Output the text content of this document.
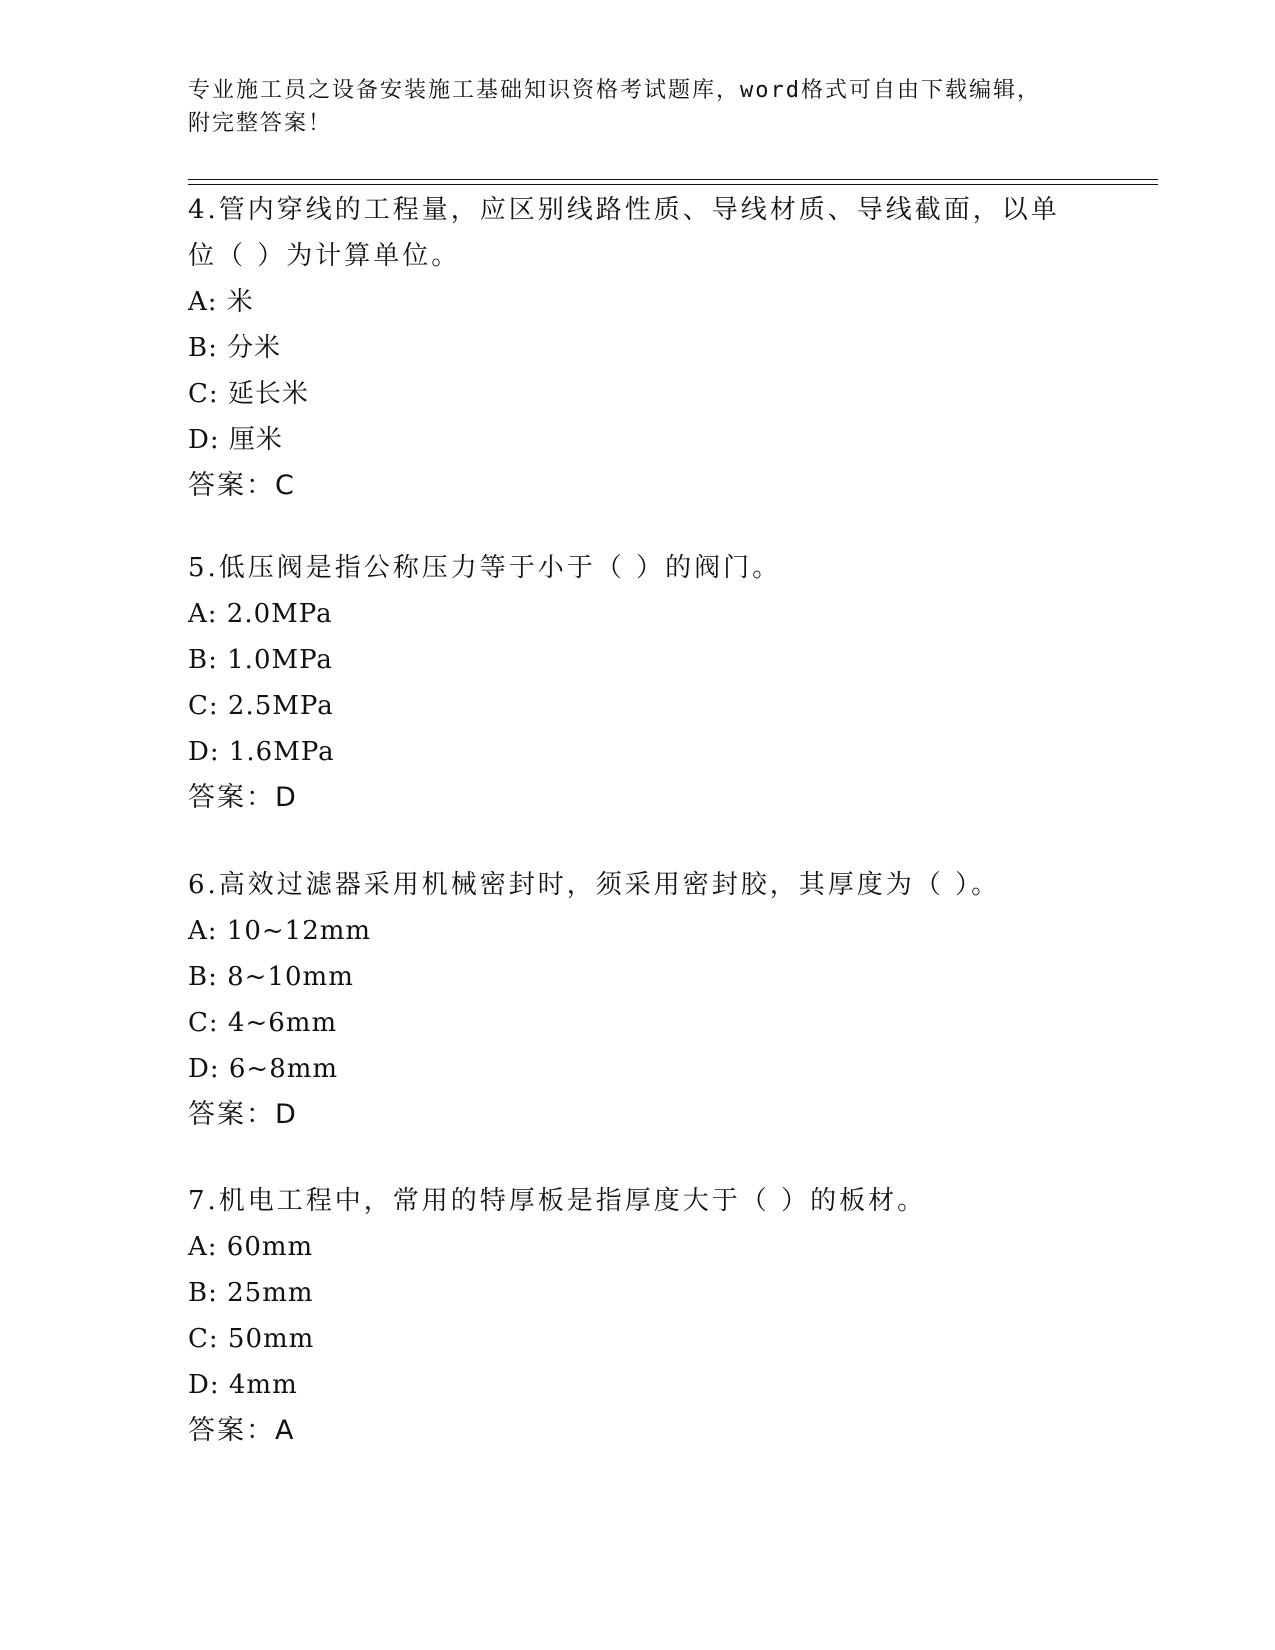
专业施工员之设备安装施工基础知识资格考试题库，word格式可自由下载编辑，
附完整答案！

4.管内穿线的工程量，应区别线路性质、导线材质、导线截面，以单

位（ ）为计算单位。

A: 米

B: 分米

C: 延长米

D: 厘米

答案：C

5.低压阀是指公称压力等于小于（ ）的阀门。

A: 2.0MPa

B: 1.0MPa

C: 2.5MPa

D: 1.6MPa

答案：D

6.高效过滤器采用机械密封时，须采用密封胶，其厚度为（ ）。

A: 10~12mm

B: 8~10mm

C: 4~6mm

D: 6~8mm

答案：D

7.机电工程中，常用的特厚板是指厚度大于（ ）的板材。

A: 60mm

B: 25mm

C: 50mm

D: 4mm

答案：A
